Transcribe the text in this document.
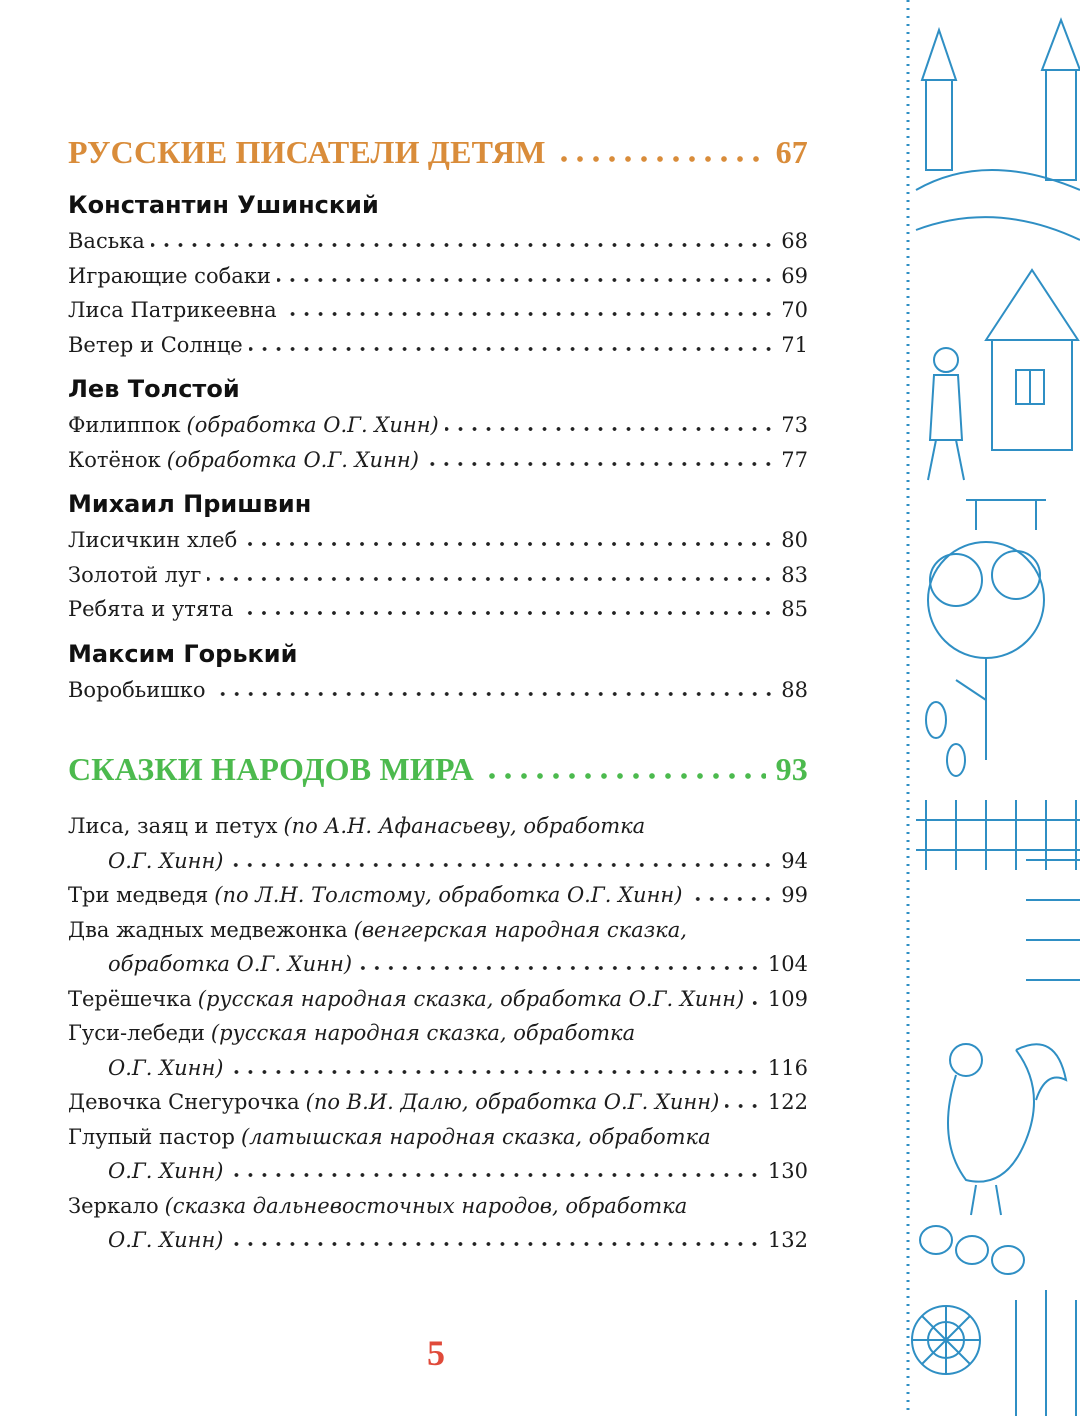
РУССКИЕ ПИСАТЕЛИ ДЕТЯМ	67
Константин Ушинский
Васька	68
Играющие собаки	69
Лиса Патрикеевна	70
Ветер и Солнце	71
Лев Толстой
Филиппок (обработка О.Г. Хинн)	73
Котёнок (обработка О.Г. Хинн)	77
Михаил Пришвин
Лисичкин хлеб	80
Золотой луг	83
Ребята и утята	85
Максим Горький
Воробьишко	88
СКАЗКИ НАРОДОВ МИРА	93
Лиса, заяц и петух (по А.Н. Афанасьеву, обработка
О.Г. Хинн)	94
Три медведя (по Л.Н. Толстому, обработка О.Г. Хинн)	99
Два жадных медвежонка (венгерская народная сказка,
обработка О.Г. Хинн)	104
Терёшечка (русская народная сказка, обработка О.Г. Хинн) 109
Гуси-лебеди (русская народная сказка, обработка
О.Г. Хинн)	116
Девочка Снегурочка (по В.И. Далю, обработка О.Г. Хинн) 122
Глупый пастор (латышская народная сказка, обработка
О.Г. Хинн)	130
Зеркало (сказка дальневосточных народов, обработка
О.Г. Хинн)	132
5
